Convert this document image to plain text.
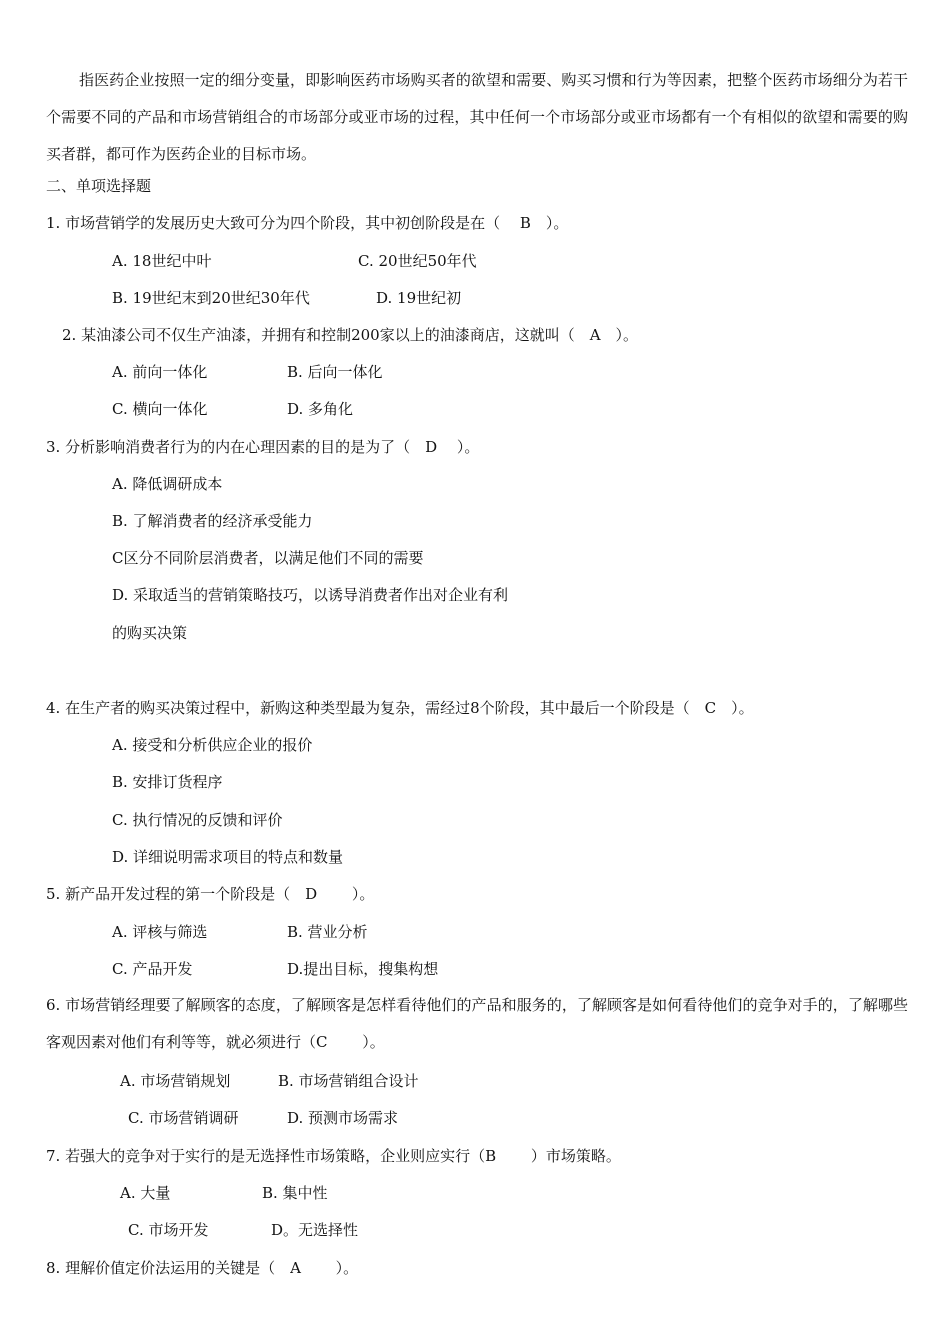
指医药企业按照一定的细分变量，即影响医药市场购买者的欲望和需要、购买习惯和行为等因素，把整个医药市场细分为若干个需要不同的产品和市场营销组合的市场部分或亚市场的过程，其中任何一个市场部分或亚市场都有一个有相似的欲望和需要的购买者群，都可作为医药企业的目标市场。

二、单项选择题
1. 市场营销学的发展历史大致可分为四个阶段，其中初创阶段是在（　 B　）。
A. 18世纪中叶	C. 20世纪50年代
B. 19世纪末到20世纪30年代	D. 19世纪初
2. 某油漆公司不仅生产油漆，并拥有和控制200家以上的油漆商店，这就叫（　A　）。
A. 前向一体化	B. 后向一体化
C. 横向一体化	D. 多角化
3. 分析影响消费者行为的内在心理因素的目的是为了（　D　 ）。
A. 降低调研成本
B. 了解消费者的经济承受能力
C区分不同阶层消费者，以满足他们不同的需要
D. 采取适当的营销策略技巧，以诱导消费者作出对企业有利
的购买决策
4. 在生产者的购买决策过程中，新购这种类型最为复杂，需经过8个阶段，其中最后一个阶段是（　C　）。
A. 接受和分析供应企业的报价
B. 安排订货程序
C. 执行情况的反馈和评价
D. 详细说明需求项目的特点和数量
5. 新产品开发过程的第一个阶段是（　D　　 ）。
A. 评核与筛选	B. 营业分析
C. 产品开发	D.提出目标，搜集构想

6. 市场营销经理要了解顾客的态度，了解顾客是怎样看待他们的产品和服务的，了解顾客是如何看待他们的竞争对手的，了解哪些客观因素对他们有利等等，就必须进行（C　　 ）。

A. 市场营销规划	B. 市场营销组合设计
C. 市场营销调研	D. 预测市场需求
7. 若强大的竞争对于实行的是无选择性市场策略，企业则应实行（B　　 ）市场策略。
A. 大量	B. 集中性
C. 市场开发	D。无选择性
8. 理解价值定价法运用的关键是（　A　　 ）。
